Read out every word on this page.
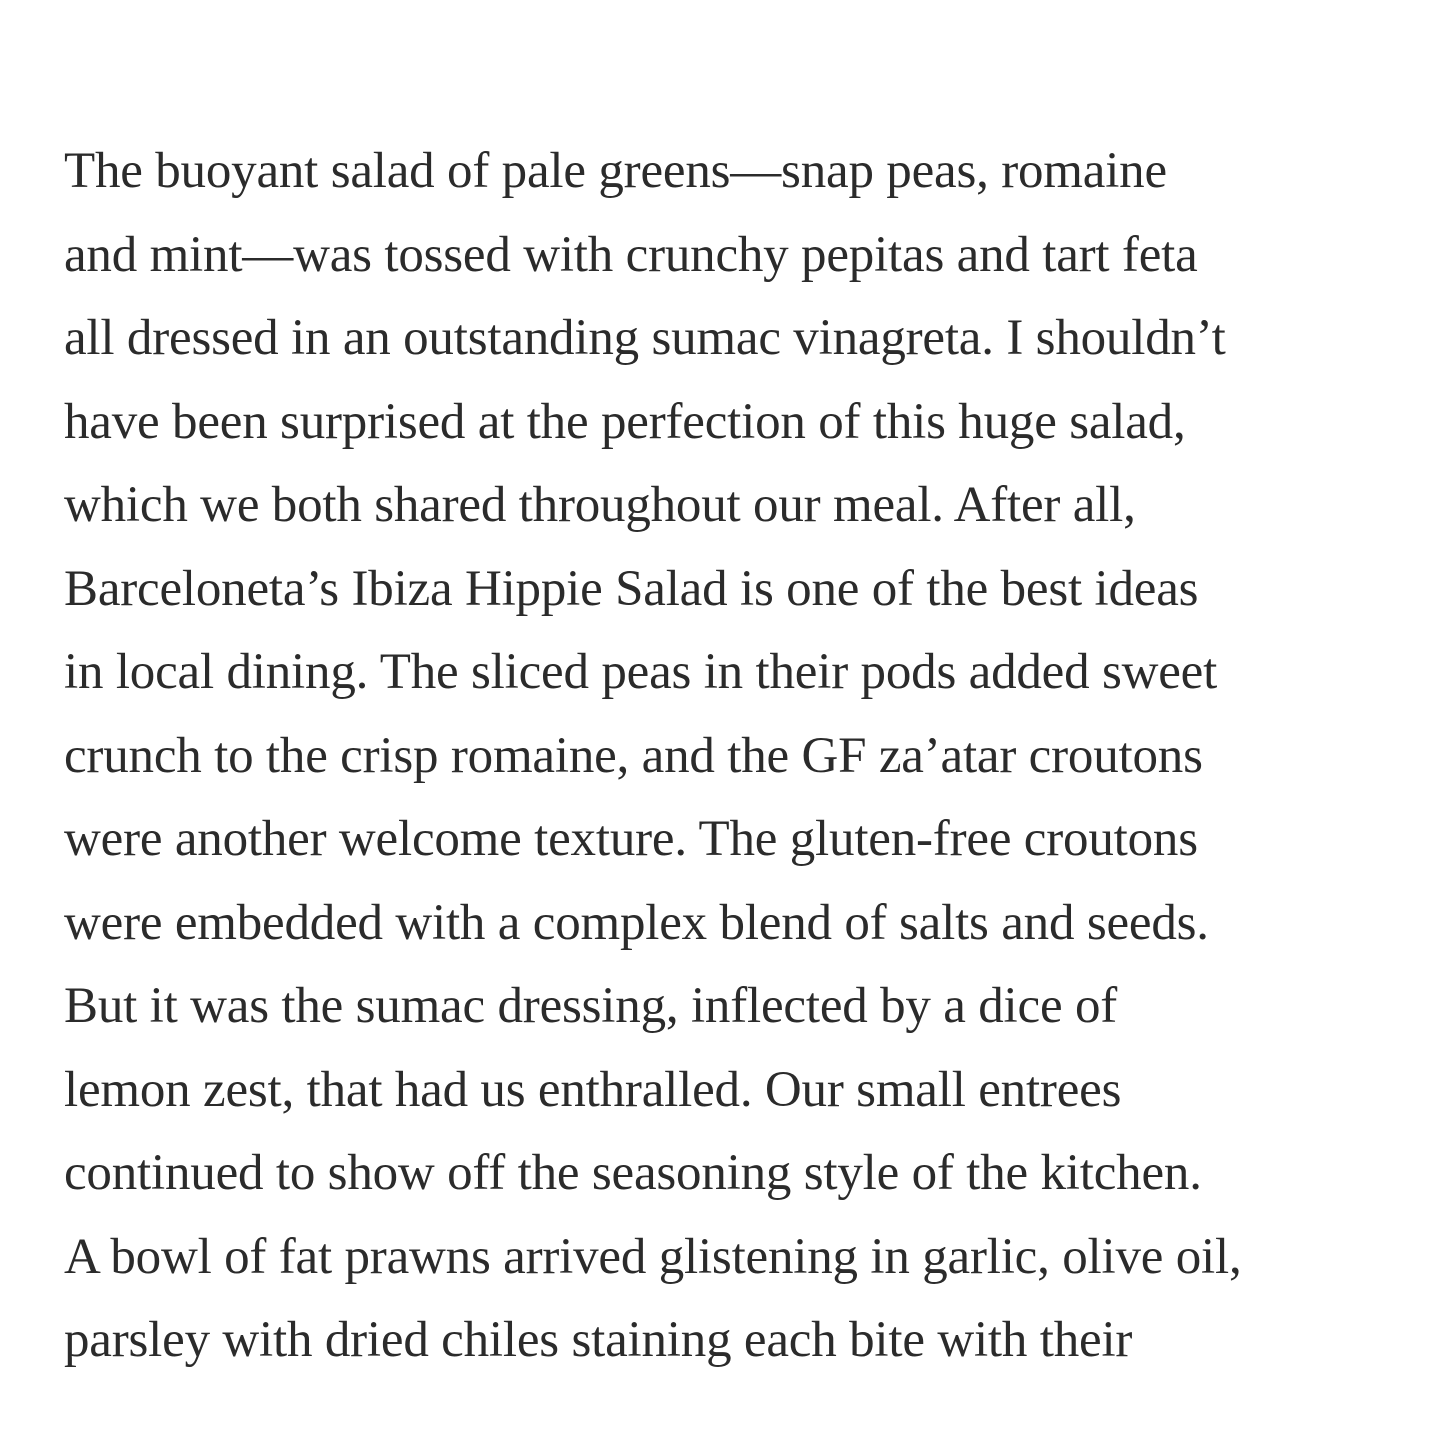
The buoyant salad of pale greens—snap peas, romaine
and mint—was tossed with crunchy pepitas and tart feta
all dressed in an outstanding sumac vinagreta. I shouldn’t
have been surprised at the perfection of this huge salad,
which we both shared throughout our meal. After all,
Barceloneta’s Ibiza Hippie Salad is one of the best ideas
in local dining. The sliced peas in their pods added sweet
crunch to the crisp romaine, and the GF za’atar croutons
were another welcome texture. The gluten-free croutons
were embedded with a complex blend of salts and seeds.
But it was the sumac dressing, inflected by a dice of
lemon zest, that had us enthralled. Our small entrees
continued to show off the seasoning style of the kitchen.
A bowl of fat prawns arrived glistening in garlic, olive oil,
parsley with dried chiles staining each bite with their
